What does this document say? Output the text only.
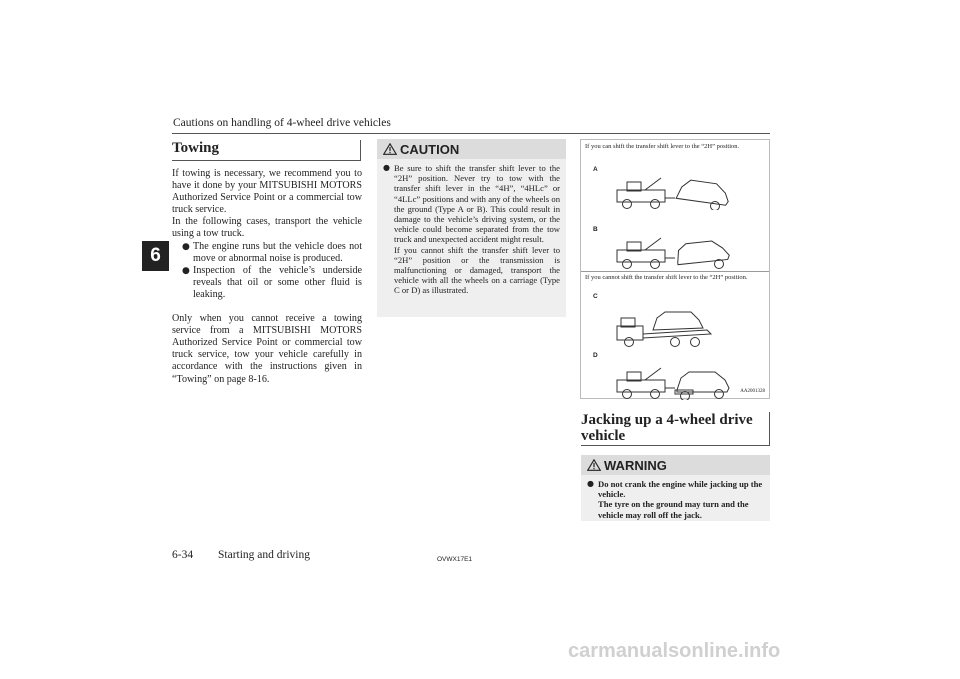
Cautions on handling of 4-wheel drive vehicles
6
Towing

If towing is necessary, we recommend you to have it done by your MITSUBISHI MOTORS Authorized Service Point or a commercial tow truck service.

In the following cases, transport the vehicle using a tow truck.

● The engine runs but the vehicle does not move or abnormal noise is produced.
● Inspection of the vehicle’s underside reveals that oil or some other fluid is leaking.

Only when you cannot receive a towing service from a MITSUBISHI MOTORS Authorized Service Point or commercial tow truck service, tow your vehicle carefully in accordance with the instructions given in “Towing” on page 8-16.

CAUTION
● Be sure to shift the transfer shift lever to the “2H” position. Never try to tow with the transfer shift lever in the “4H”, “4HLc” or “4LLc” positions and with any of the wheels on the ground (Type A or B). This could result in damage to the vehicle’s driving system, or the vehicle could become separated from the tow truck and unexpected accident might result.
If you cannot shift the transfer shift lever to “2H” position or the transmission is malfunctioning or damaged, transport the vehicle with all the wheels on a carriage (Type C or D) as illustrated.
If you can shift the transfer shift lever to the “2H” position.
If you cannot shift the transfer shift lever to the “2H” position.
A
B
C
D
AA2001328
Jacking up a 4-wheel drive vehicle
WARNING
● Do not crank the engine while jacking up the vehicle.
The tyre on the ground may turn and the vehicle may roll off the jack.
6-34 Starting and driving	OVWX17E1
carmanualsonline.info
